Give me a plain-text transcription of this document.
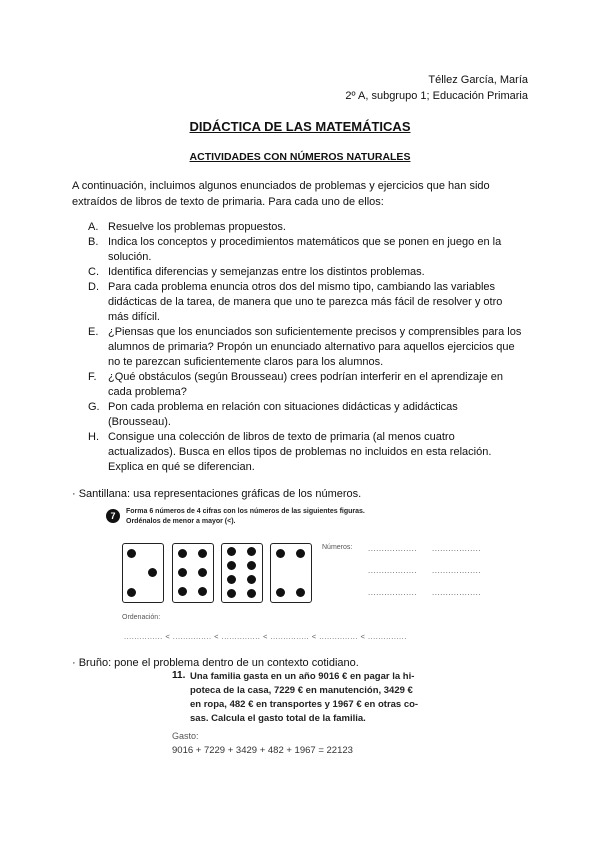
Téllez García, María
2º A, subgrupo 1; Educación Primaria
DIDÁCTICA DE LAS MATEMÁTICAS
ACTIVIDADES CON NÚMEROS NATURALES
A continuación, incluimos algunos enunciados de problemas y ejercicios que han sido
extraídos de libros de texto de primaria. Para cada uno de ellos:
A. Resuelve los problemas propuestos.
B. Indica los conceptos y procedimientos matemáticos que se ponen en juego en la
solución.
C. Identifica diferencias y semejanzas entre los distintos problemas.
D. Para cada problema enuncia otros dos del mismo tipo, cambiando las variables
didácticas de la tarea, de manera que uno te parezca más fácil de resolver y otro
más difícil.
E. ¿Piensas que los enunciados son suficientemente precisos y comprensibles para los
alumnos de primaria? Propón un enunciado alternativo para aquellos ejercicios que
no te parezcan suficientemente claros para los alumnos.
F. ¿Qué obstáculos (según Brousseau) crees podrían interferir en el aprendizaje en
cada problema?
G. Pon cada problema en relación con situaciones didácticas y adidácticas
(Brousseau).
H. Consigue una colección de libros de texto de primaria (al menos cuatro
actualizados). Busca en ellos tipos de problemas no incluidos en esta relación.
Explica en qué se diferencian.
· Santillana: usa representaciones gráficas de los números.
7	Forma 6 números de 4 cifras con los números de las siguientes figuras.
Ordénalos de menor a mayor (<).
Números: .................. ..................
.................. ..................
.................. ..................
Ordenación:
............... < ............... < ............... < ............... < ............... < ...............
· Bruño: pone el problema dentro de un contexto cotidiano.
11. Una familia gasta en un año 9016 € en pagar la hi-
poteca de la casa, 7229 € en manutención, 3429 €
en ropa, 482 € en transportes y 1967 € en otras co-
sas. Calcula el gasto total de la familia.
Gasto:
9016 + 7229 + 3429 + 482 + 1967 = 22123
